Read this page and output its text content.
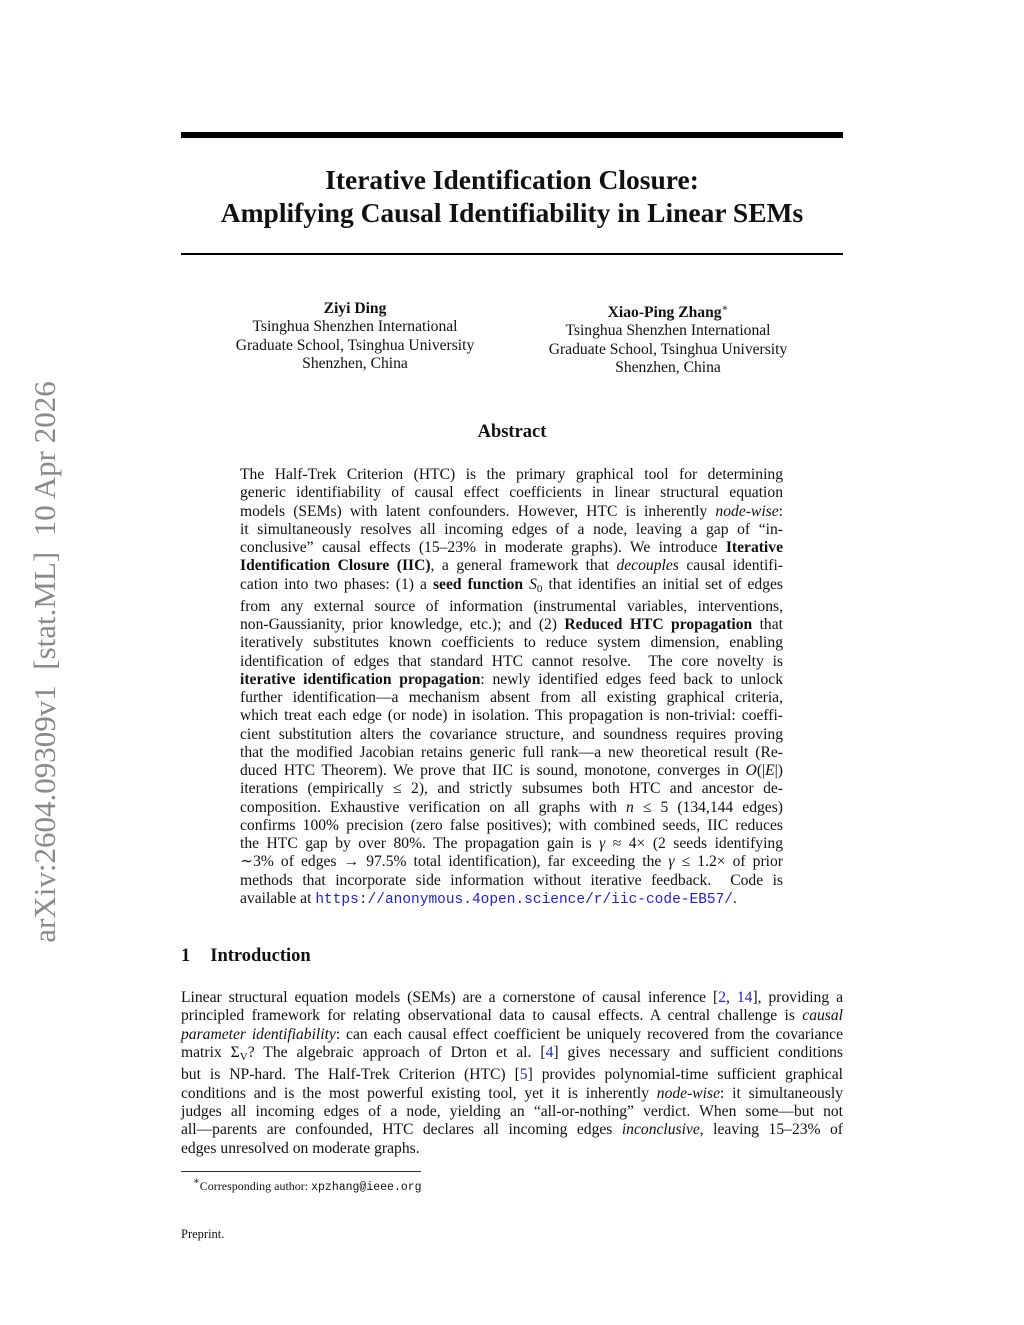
arXiv:2604.09309v1  [stat.ML]  10 Apr 2026
Iterative Identification Closure:
Amplifying Causal Identifiability in Linear SEMs
Ziyi Ding
Tsinghua Shenzhen International
Graduate School, Tsinghua University
Shenzhen, China
Xiao-Ping Zhang∗
Tsinghua Shenzhen International
Graduate School, Tsinghua University
Shenzhen, China
Abstract
The Half-Trek Criterion (HTC) is the primary graphical tool for determining
generic identifiability of causal effect coefficients in linear structural equation
models (SEMs) with latent confounders. However, HTC is inherently node-wise:
it simultaneously resolves all incoming edges of a node, leaving a gap of “in-
conclusive” causal effects (15–23% in moderate graphs). We introduce Iterative
Identification Closure (IIC), a general framework that decouples causal identifi-
cation into two phases: (1) a seed function S0 that identifies an initial set of edges
from any external source of information (instrumental variables, interventions,
non-Gaussianity, prior knowledge, etc.); and (2) Reduced HTC propagation that
iteratively substitutes known coefficients to reduce system dimension, enabling
identification of edges that standard HTC cannot resolve.  The core novelty is
iterative identification propagation: newly identified edges feed back to unlock
further identification—a mechanism absent from all existing graphical criteria,
which treat each edge (or node) in isolation. This propagation is non-trivial: coeffi-
cient substitution alters the covariance structure, and soundness requires proving
that the modified Jacobian retains generic full rank—a new theoretical result (Re-
duced HTC Theorem). We prove that IIC is sound, monotone, converges in O(|E|)
iterations (empirically ≤ 2), and strictly subsumes both HTC and ancestor de-
composition. Exhaustive verification on all graphs with n ≤ 5 (134,144 edges)
confirms 100% precision (zero false positives); with combined seeds, IIC reduces
the HTC gap by over 80%. The propagation gain is γ ≈ 4× (2 seeds identifying
∼3% of edges → 97.5% total identification), far exceeding the γ ≤ 1.2× of prior
methods that incorporate side information without iterative feedback.  Code is
available at https://anonymous.4open.science/r/iic-code-EB57/.
1 Introduction
Linear structural equation models (SEMs) are a cornerstone of causal inference [2, 14], providing a
principled framework for relating observational data to causal effects. A central challenge is causal
parameter identifiability: can each causal effect coefficient be uniquely recovered from the covariance
matrix ΣV? The algebraic approach of Drton et al. [4] gives necessary and sufficient conditions
but is NP-hard. The Half-Trek Criterion (HTC) [5] provides polynomial-time sufficient graphical
conditions and is the most powerful existing tool, yet it is inherently node-wise: it simultaneously
judges all incoming edges of a node, yielding an “all-or-nothing” verdict. When some—but not
all—parents are confounded, HTC declares all incoming edges inconclusive, leaving 15–23% of
edges unresolved on moderate graphs.
∗Corresponding author: xpzhang@ieee.org
Preprint.
